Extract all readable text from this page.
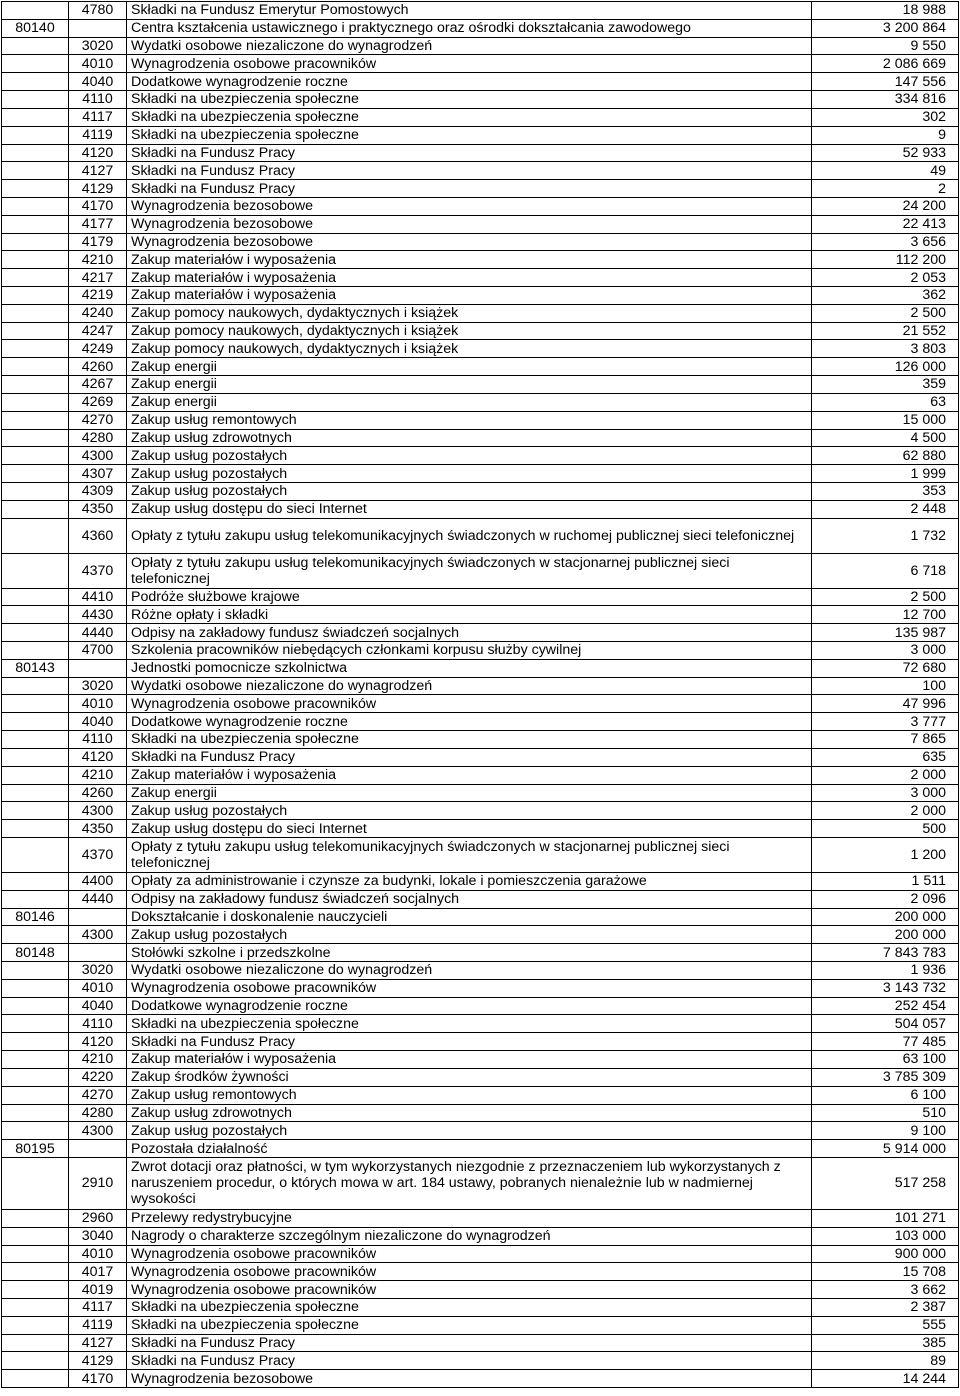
	4780	Składki na Fundusz Emerytur Pomostowych	18 988
80140		Centra kształcenia ustawicznego i praktycznego oraz ośrodki dokształcania zawodowego	3 200 864
	3020	Wydatki osobowe niezaliczone do wynagrodzeń	9 550
	4010	Wynagrodzenia osobowe pracowników	2 086 669
	4040	Dodatkowe wynagrodzenie roczne	147 556
	4110	Składki na ubezpieczenia społeczne	334 816
	4117	Składki na ubezpieczenia społeczne	302
	4119	Składki na ubezpieczenia społeczne	9
	4120	Składki na Fundusz Pracy	52 933
	4127	Składki na Fundusz Pracy	49
	4129	Składki na Fundusz Pracy	2
	4170	Wynagrodzenia bezosobowe	24 200
	4177	Wynagrodzenia bezosobowe	22 413
	4179	Wynagrodzenia bezosobowe	3 656
	4210	Zakup materiałów i wyposażenia	112 200
	4217	Zakup materiałów i wyposażenia	2 053
	4219	Zakup materiałów i wyposażenia	362
	4240	Zakup pomocy naukowych, dydaktycznych i książek	2 500
	4247	Zakup pomocy naukowych, dydaktycznych i książek	21 552
	4249	Zakup pomocy naukowych, dydaktycznych i książek	3 803
	4260	Zakup energii	126 000
	4267	Zakup energii	359
	4269	Zakup energii	63
	4270	Zakup usług remontowych	15 000
	4280	Zakup usług zdrowotnych	4 500
	4300	Zakup usług pozostałych	62 880
	4307	Zakup usług pozostałych	1 999
	4309	Zakup usług pozostałych	353
	4350	Zakup usług dostępu do sieci Internet	2 448
	4360	Opłaty z tytułu zakupu usług telekomunikacyjnych świadczonych w ruchomej publicznej sieci telefonicznej	1 732
	4370	Opłaty z tytułu zakupu usług telekomunikacyjnych świadczonych w stacjonarnej publicznej sieci telefonicznej	6 718
	4410	Podróże służbowe krajowe	2 500
	4430	Różne opłaty i składki	12 700
	4440	Odpisy na zakładowy fundusz świadczeń socjalnych	135 987
	4700	Szkolenia pracowników niebędących członkami korpusu służby cywilnej	3 000
80143		Jednostki pomocnicze szkolnictwa	72 680
	3020	Wydatki osobowe niezaliczone do wynagrodzeń	100
	4010	Wynagrodzenia osobowe pracowników	47 996
	4040	Dodatkowe wynagrodzenie roczne	3 777
	4110	Składki na ubezpieczenia społeczne	7 865
	4120	Składki na Fundusz Pracy	635
	4210	Zakup materiałów i wyposażenia	2 000
	4260	Zakup energii	3 000
	4300	Zakup usług pozostałych	2 000
	4350	Zakup usług dostępu do sieci Internet	500
	4370	Opłaty z tytułu zakupu usług telekomunikacyjnych świadczonych w stacjonarnej publicznej sieci telefonicznej	1 200
	4400	Opłaty za administrowanie i czynsze za budynki, lokale i pomieszczenia garażowe	1 511
	4440	Odpisy na zakładowy fundusz świadczeń socjalnych	2 096
80146		Dokształcanie i doskonalenie nauczycieli	200 000
	4300	Zakup usług pozostałych	200 000
80148		Stołówki szkolne i przedszkolne	7 843 783
	3020	Wydatki osobowe niezaliczone do wynagrodzeń	1 936
	4010	Wynagrodzenia osobowe pracowników	3 143 732
	4040	Dodatkowe wynagrodzenie roczne	252 454
	4110	Składki na ubezpieczenia społeczne	504 057
	4120	Składki na Fundusz Pracy	77 485
	4210	Zakup materiałów i wyposażenia	63 100
	4220	Zakup środków żywności	3 785 309
	4270	Zakup usług remontowych	6 100
	4280	Zakup usług zdrowotnych	510
	4300	Zakup usług pozostałych	9 100
80195		Pozostała działalność	5 914 000
	2910	Zwrot dotacji oraz płatności, w tym wykorzystanych niezgodnie z przeznaczeniem lub wykorzystanych z naruszeniem procedur, o których mowa w art. 184 ustawy, pobranych nienależnie lub w nadmiernej wysokości	517 258
	2960	Przelewy redystrybucyjne	101 271
	3040	Nagrody o charakterze szczególnym niezaliczone do wynagrodzeń	103 000
	4010	Wynagrodzenia osobowe pracowników	900 000
	4017	Wynagrodzenia osobowe pracowników	15 708
	4019	Wynagrodzenia osobowe pracowników	3 662
	4117	Składki na ubezpieczenia społeczne	2 387
	4119	Składki na ubezpieczenia społeczne	555
	4127	Składki na Fundusz Pracy	385
	4129	Składki na Fundusz Pracy	89
	4170	Wynagrodzenia bezosobowe	14 244
